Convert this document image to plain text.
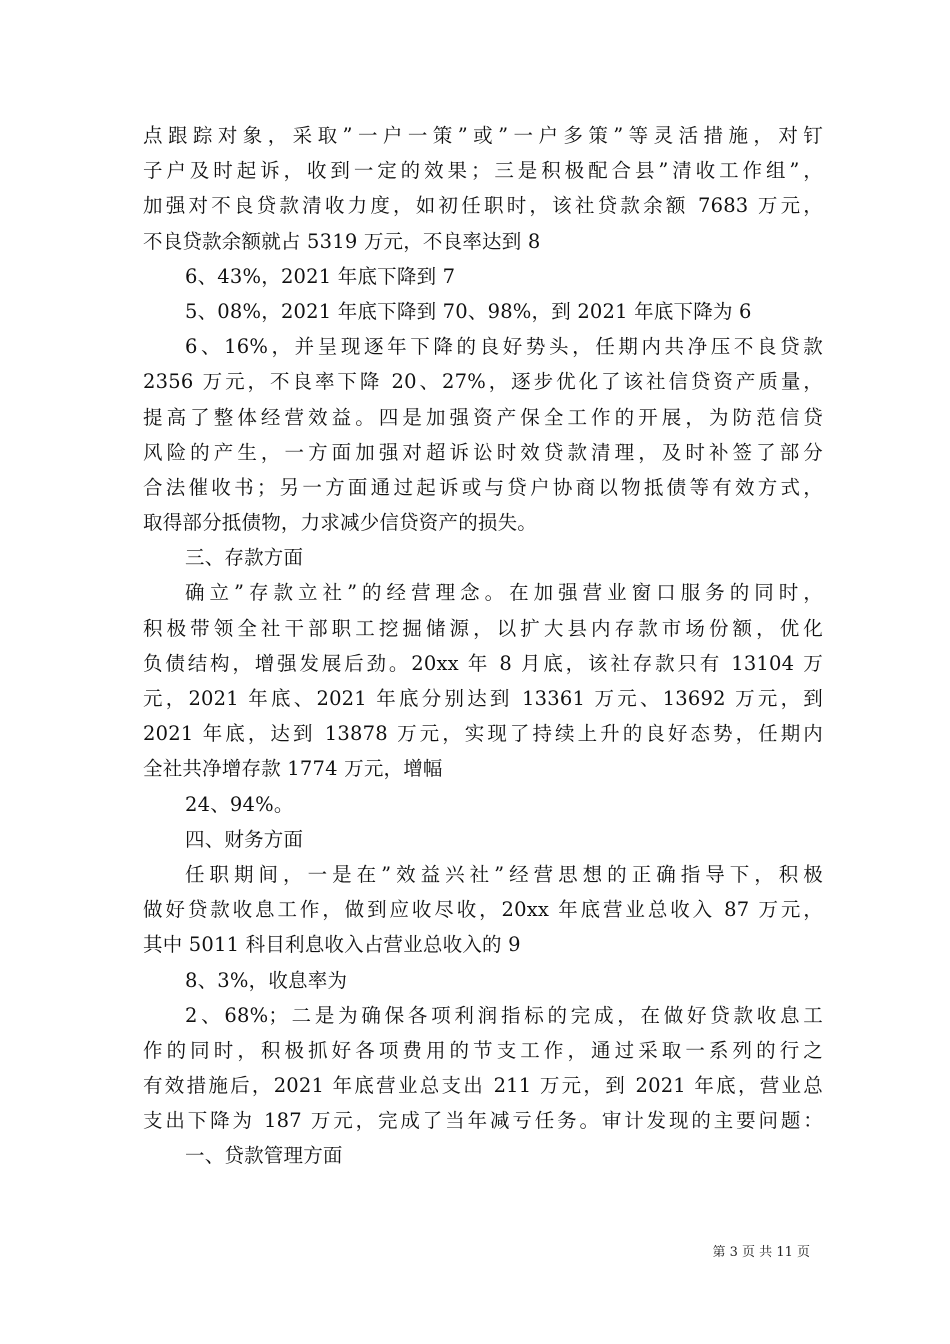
点跟踪对象，采取”一户一策”或”一户多策”等灵活措施，对钉
子户及时起诉，收到一定的效果；三是积极配合县”清收工作组”，
加强对不良贷款清收力度，如初任职时，该社贷款余额 7683 万元，
不良贷款余额就占 5319 万元，不良率达到 8
6、43%，2021 年底下降到 7
5、08%，2021 年底下降到 70、98%，到 2021 年底下降为 6
6、16%，并呈现逐年下降的良好势头，任期内共净压不良贷款
2356 万元，不良率下降 20、27%，逐步优化了该社信贷资产质量，
提高了整体经营效益。四是加强资产保全工作的开展，为防范信贷
风险的产生，一方面加强对超诉讼时效贷款清理，及时补签了部分
合法催收书；另一方面通过起诉或与贷户协商以物抵债等有效方式，
取得部分抵债物，力求减少信贷资产的损失。
三、存款方面
确立”存款立社”的经营理念。在加强营业窗口服务的同时，
积极带领全社干部职工挖掘储源，以扩大县内存款市场份额，优化
负债结构，增强发展后劲。20xx 年 8 月底，该社存款只有 13104 万
元，2021 年底、2021 年底分别达到 13361 万元、13692 万元，到
2021 年底，达到 13878 万元，实现了持续上升的良好态势，任期内
全社共净增存款 1774 万元，增幅
24、94%。
四、财务方面
任职期间，一是在”效益兴社”经营思想的正确指导下，积极
做好贷款收息工作，做到应收尽收，20xx 年底营业总收入 87 万元，
其中 5011 科目利息收入占营业总收入的 9
8、3%，收息率为
2、68%；二是为确保各项利润指标的完成，在做好贷款收息工
作的同时，积极抓好各项费用的节支工作，通过采取一系列的行之
有效措施后，2021 年底营业总支出 211 万元，到 2021 年底，营业总
支出下降为 187 万元，完成了当年减亏任务。审计发现的主要问题：
一、贷款管理方面
第 3 页 共 11 页
